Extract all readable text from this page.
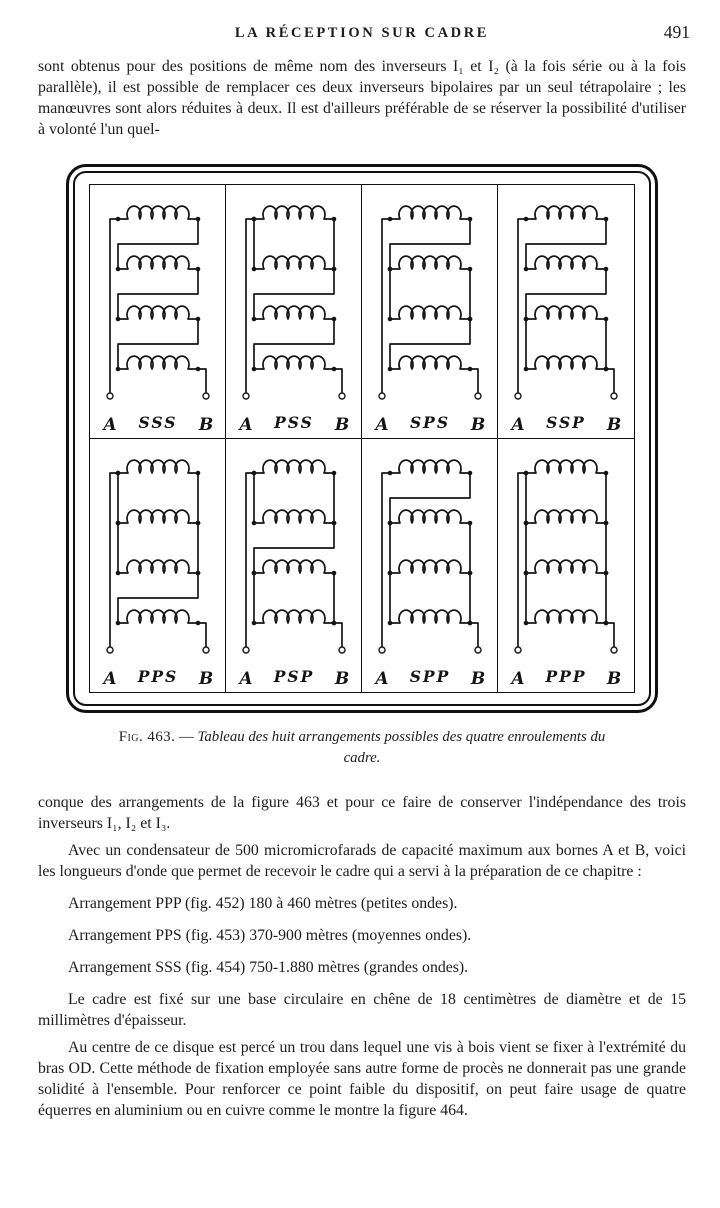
LA RÉCEPTION SUR CADRE	491

sont obtenus pour des positions de même nom des inverseurs I₁ et I₂ (à la fois série ou à la fois parallèle), il est possible de remplacer ces deux inverseurs bipolaires par un seul tétrapolaire ; les manœuvres sont alors réduites à deux. Il est d'ailleurs préférable de se réserver la possibilité d'utiliser à volonté l'un quel-

A	B
SSS	A	B
PSS	A	B
SPS	A	B
SSP
A	B
PPS	A	B
PSP	A	B
SPP	A	B
PPP
Fig. 463. — Tableau des huit arrangements possibles des quatre enroulements du cadre.

conque des arrangements de la figure 463 et pour ce faire de conserver l'indépendance des trois inverseurs I₁, I₂ et I₃.

Avec un condensateur de 500 micromicrofarads de capacité maximum aux bornes A et B, voici les longueurs d'onde que permet de recevoir le cadre qui a servi à la préparation de ce chapitre :

Arrangement PPP (fig. 452) 180 à 460 mètres (petites ondes).

Arrangement PPS (fig. 453) 370-900 mètres (moyennes ondes).

Arrangement SSS (fig. 454) 750-1.880 mètres (grandes ondes).

Le cadre est fixé sur une base circulaire en chêne de 18 centimètres de diamètre et de 15 millimètres d'épaisseur.

Au centre de ce disque est percé un trou dans lequel une vis à bois vient se fixer à l'extrémité du bras OD. Cette méthode de fixation employée sans autre forme de procès ne donnerait pas une grande solidité à l'ensemble. Pour renforcer ce point faible du dispositif, on peut faire usage de quatre équerres en aluminium ou en cuivre comme le montre la figure 464.
